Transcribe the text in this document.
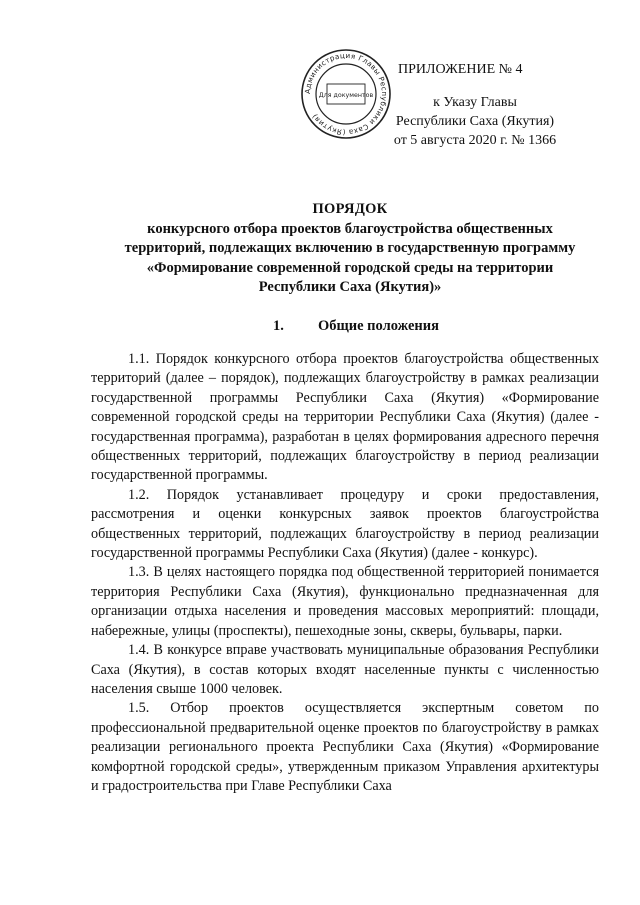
Администрация Главы Республики Саха (Якутия)
Для документов
ПРИЛОЖЕНИЕ № 4
к Указу Главы
Республики Саха (Якутия)
от 5 августа 2020 г. № 1366
ПОРЯДОК
конкурсного отбора проектов благоустройства общественных
территорий, подлежащих включению в государственную программу
«Формирование современной городской среды на территории
Республики Саха (Якутия)»
1. Общие положения

1.1. Порядок конкурсного отбора проектов благоустройства общественных территорий (далее – порядок), подлежащих благоустройству в рамках реализации государственной программы Республики Саха (Якутия) «Формирование современной городской среды на территории Республики Саха (Якутия) (далее - государственная программа), разработан в целях формирования адресного перечня общественных территорий, подлежащих благоустройству в период реализации государственной программы.

1.2. Порядок устанавливает процедуру и сроки предоставления, рассмотрения и оценки конкурсных заявок проектов благоустройства общественных территорий, подлежащих благоустройству в период реализации государственной программы Республики Саха (Якутия) (далее - конкурс).

1.3. В целях настоящего порядка под общественной территорией понимается территория Республики Саха (Якутия), функционально предназначенная для организации отдыха населения и проведения массовых мероприятий: площади, набережные, улицы (проспекты), пешеходные зоны, скверы, бульвары, парки.

1.4. В конкурсе вправе участвовать муниципальные образования Республики Саха (Якутия), в состав которых входят населенные пункты с численностью населения свыше 1000 человек.

1.5. Отбор проектов осуществляется экспертным советом по профессиональной предварительной оценке проектов по благоустройству в рамках реализации регионального проекта Республики Саха (Якутия) «Формирование комфортной городской среды», утвержденным приказом Управления архитектуры и градостроительства при Главе Республики Саха
